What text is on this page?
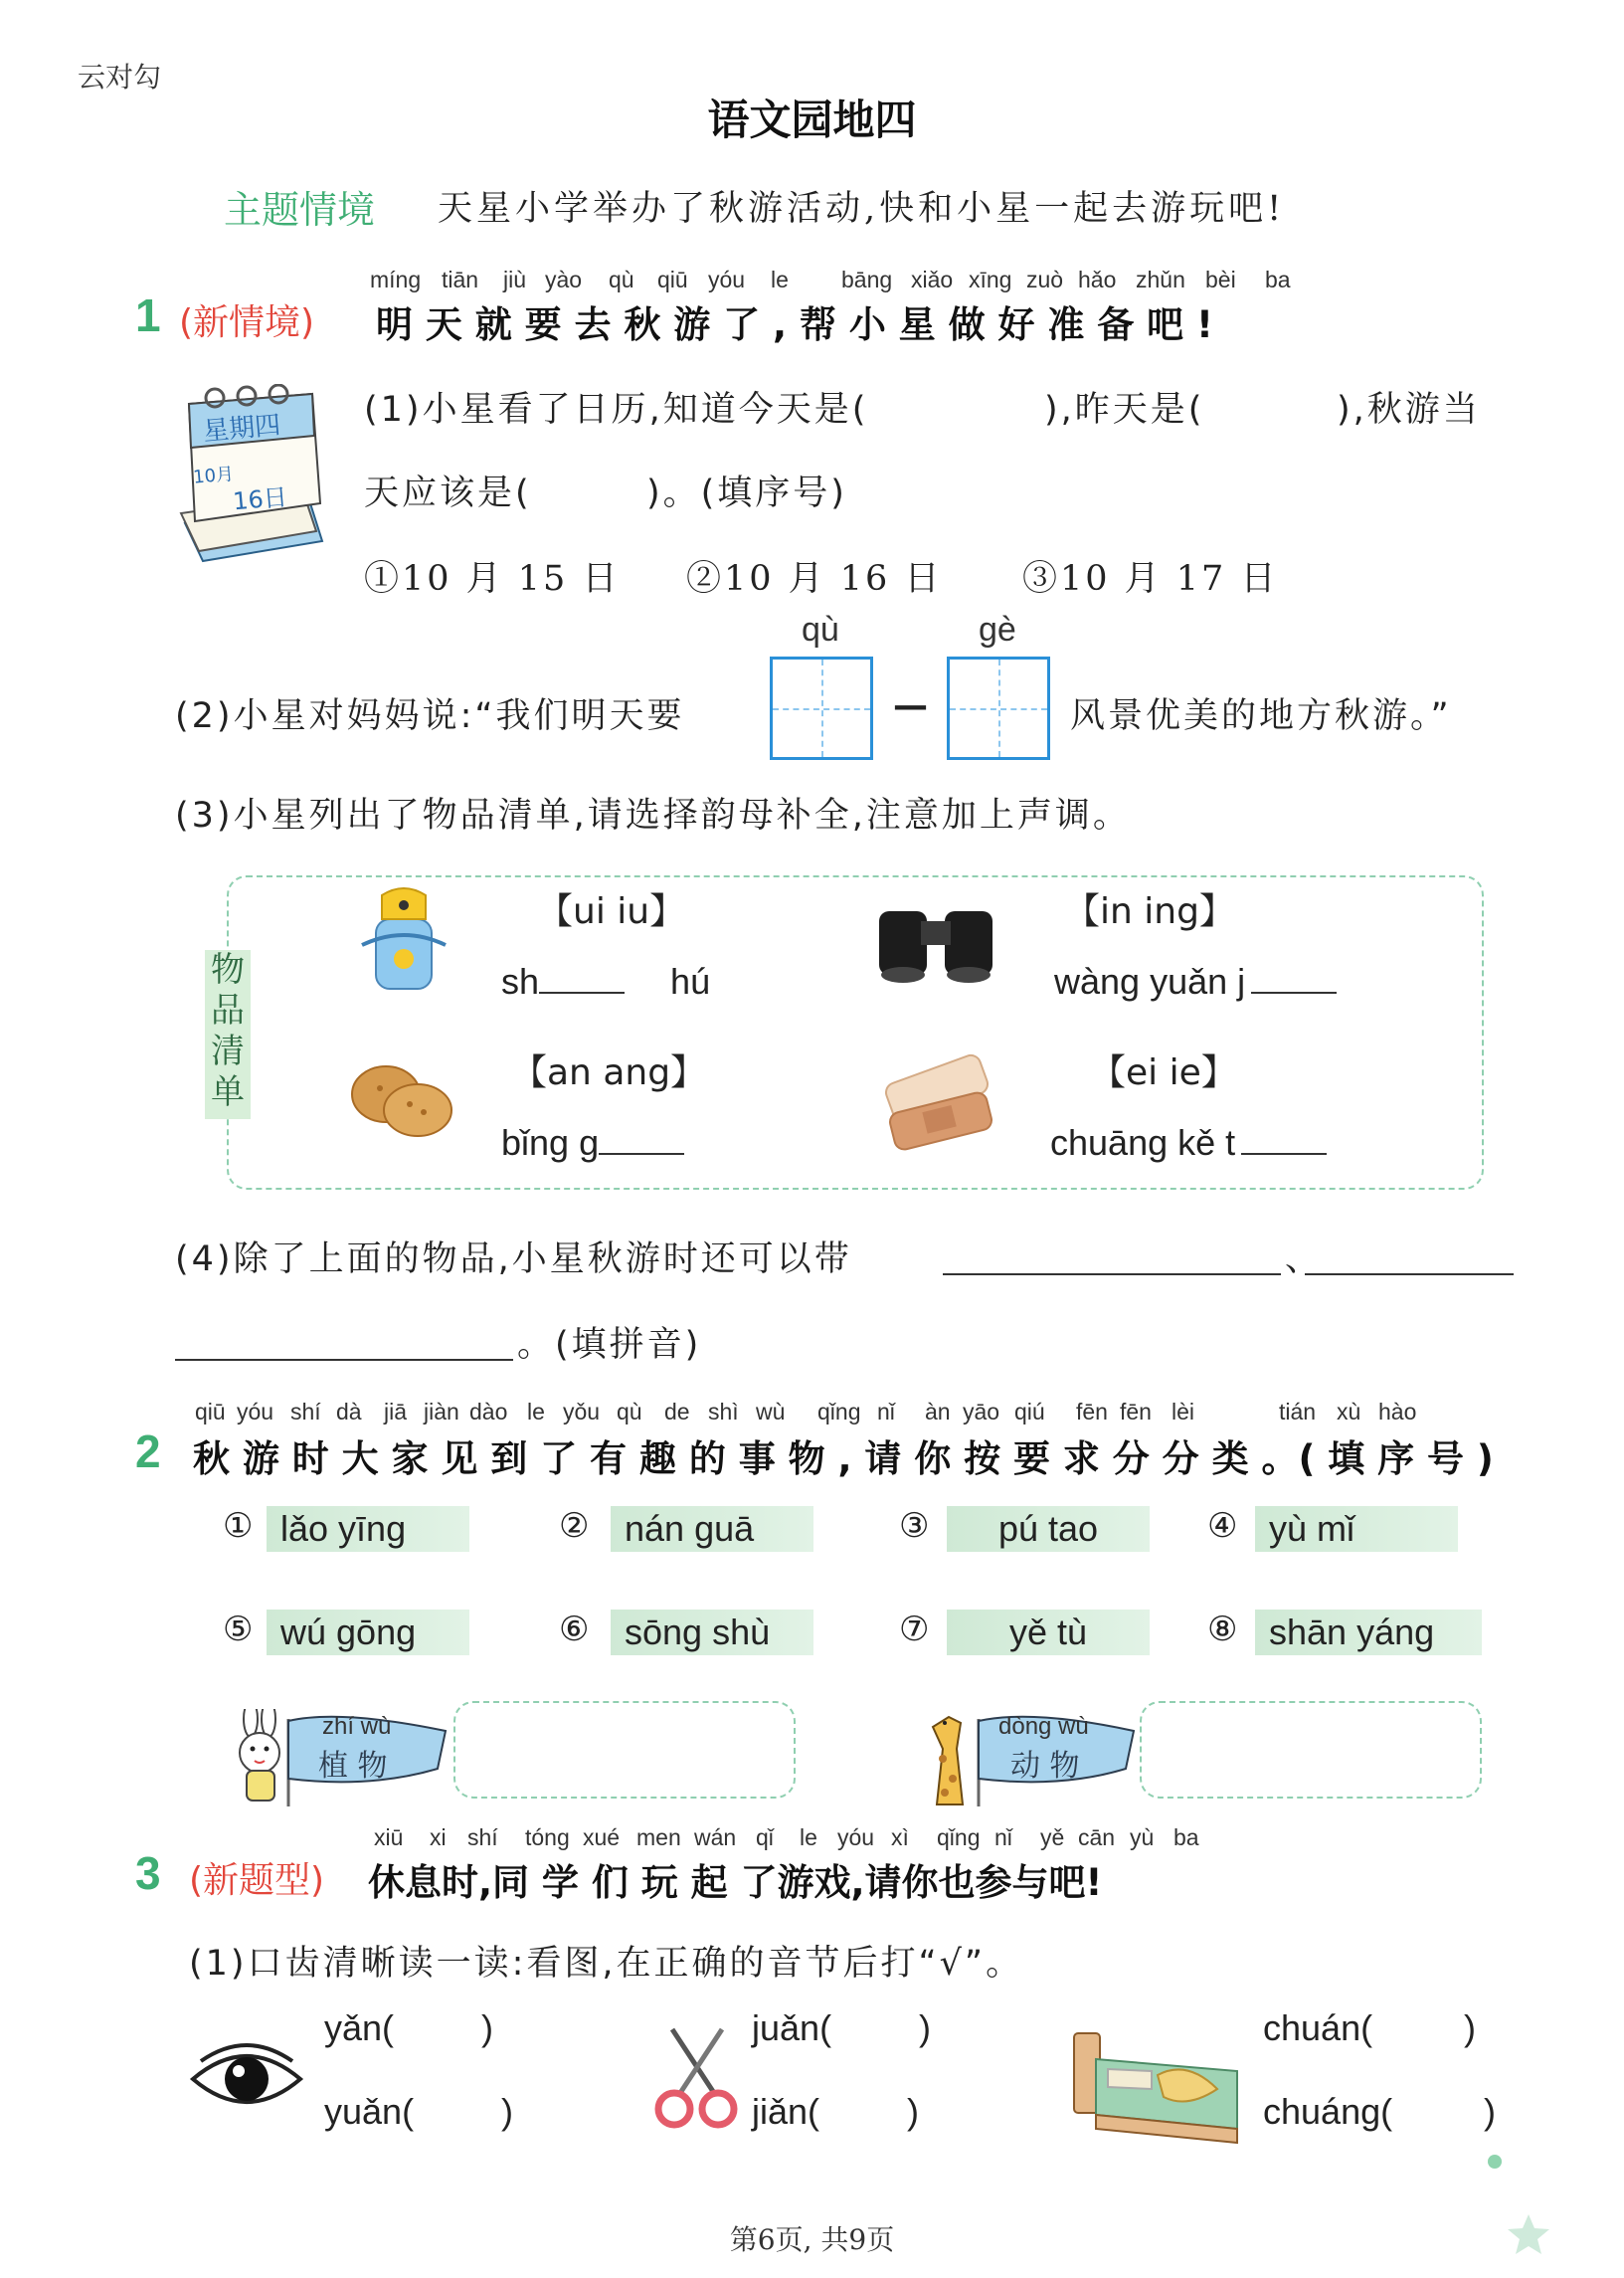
云对勾
语文园地四
主题情境 天星小学举办了秋游活动,快和小星一起去游玩吧!
1 (新情境)
míng tiān jiù yào qù qiū yóu le bāng xiǎo xīng zuò hǎo zhǔn bèi ba
明 天 就 要 去 秋 游 了 , 帮 小 星 做 好 准 备 吧 !
星期四
10月
16日
(1)小星看了日历,知道今天是(	),昨天是(	),秋游当
天应该是(	)。(填序号)
①10 月 15 日 ②10 月 16 日 ③10 月 17 日
(2)小星对妈妈说:“我们明天要
qù
—
gè
风景优美的地方秋游。”
(3)小星列出了物品清单,请选择韵母补全,注意加上声调。
物
品
清
单
【ui iu】
sh	hú
【in ing】
wàng yuǎn j
【an ang】
bǐng g
【ei ie】
chuāng kě t
(4)除了上面的物品,小星秋游时还可以带	、
。(填拼音)
2
qiū yóu shí dà jiā jiàn dào le yǒu qù de shì wù qǐng nǐ àn yāo qiú fēn fēn lèi	tián xù hào
秋 游 时 大 家 见 到 了 有 趣 的 事 物 , 请 你 按 要 求 分 分 类 。( 填 序 号 )
① lǎo yīng	② nán guā	③	pú tao	④ yù mǐ
⑤ wú gōng	⑥ sōng shù	⑦	yě tù	⑧ shān yáng
zhí wù
植 物
dòng wù
动 物
3 (新题型)
xiū xi shí tóng xué men wán qǐ le yóu xì qǐng nǐ yě cān yù ba
休息时,同 学 们 玩 起 了游戏,请你也参与吧!
(1)口齿清晰读一读:看图,在正确的音节后打“√”。
yǎn( )
yuǎn( )
juǎn( )
jiǎn( )
chuán(	)
chuáng(	)
第6页, 共9页
